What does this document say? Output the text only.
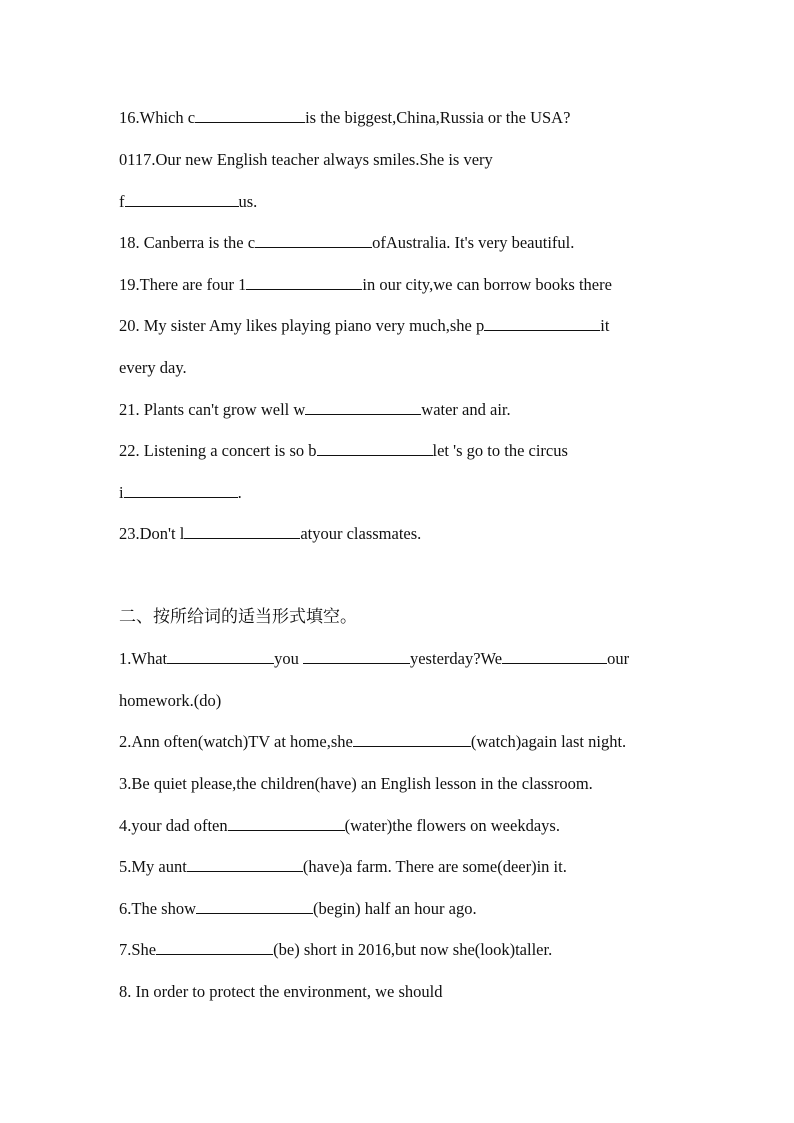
16.Which c	is the biggest,China,Russia or the USA?
0117.Our new English teacher always smiles.She is very
f	us.
18. Canberra is the c	ofAustralia. It's very beautiful.
19.There are four 1	in our city,we can borrow books there
20. My sister Amy likes playing piano very much,she p	it
every day.
21. Plants can't grow well w	water and air.
22. Listening a concert is so b	let 's go to the circus
i	.
23.Don't l	atyour classmates.
二、按所给词的适当形式填空。
1.What	you	yesterday?We	our
homework.(do)
2.Ann often(watch)TV at home,she	(watch)again last night.
3.Be quiet please,the children(have) an English lesson in the classroom.
4.your dad often	(water)the flowers on weekdays.
5.My aunt	(have)a farm. There are some(deer)in it.
6.The show	(begin) half an hour ago.
7.She	(be) short in 2016,but now she(look)taller.
8. In order to protect the environment, we should
